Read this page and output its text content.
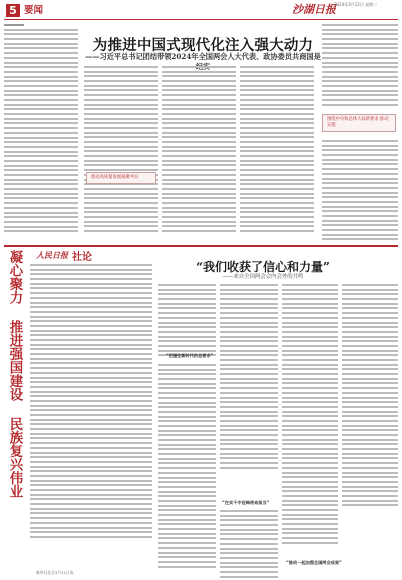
5 要闻	沙湖日报
2024年3月12日 星期二
为推进中国式现代化注入强大动力
——习近平总书记团结带领2024年全国两会人大代表、政协委员共商国是
推动高质量发展凝聚共识
围绕中央和总体大局新要求 推动实施
凝心聚力 推进强国建设 民族复兴伟业	人民日报 社论
“我们收获了信心和力量”
——来自全国两会会内会外的共鸣
“把握住新时代的总要求”
“在实干中诠释使命担当”
“推动一起加强全国两会成果”
新华社北京3月11日电
